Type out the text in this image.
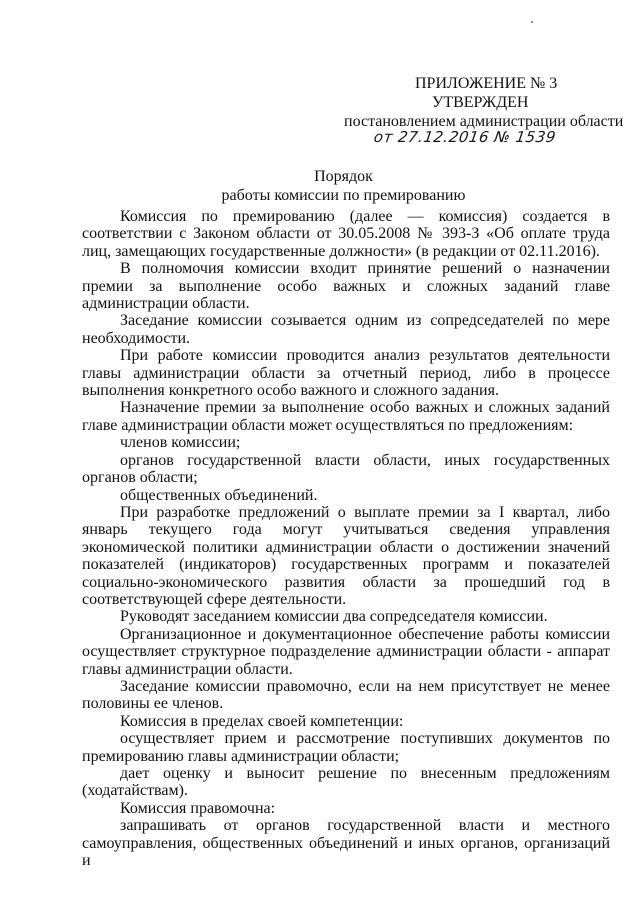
ПРИЛОЖЕНИЕ № 3
УТВЕРЖДЕН
постановлением администрации области
от 27.12.2016 № 1539
Порядок
работы комиссии по премированию

Комиссия по премированию (далее — комиссия) создается в соответствии с Законом области от 30.05.2008 № 393-З «Об оплате труда лиц, замещающих государственные должности» (в редакции от 02.11.2016).

В полномочия комиссии входит принятие решений о назначении премии за выполнение особо важных и сложных заданий главе администрации области.

Заседание комиссии созывается одним из сопредседателей по мере необходимости.

При работе комиссии проводится анализ результатов деятельности главы администрации области за отчетный период, либо в процессе выполнения конкретного особо важного и сложного задания.

Назначение премии за выполнение особо важных и сложных заданий главе администрации области может осуществляться по предложениям:

членов комиссии;

органов государственной власти области, иных государственных органов области;

общественных объединений.

При разработке предложений о выплате премии за I квартал, либо январь текущего года могут учитываться сведения управления экономической политики администрации области о достижении значений показателей (индикаторов) государственных программ и показателей социально-экономического развития области за прошедший год в соответствующей сфере деятельности.

Руководят заседанием комиссии два сопредседателя комиссии.

Организационное и документационное обеспечение работы комиссии осуществляет структурное подразделение администрации области - аппарат главы администрации области.

Заседание комиссии правомочно, если на нем присутствует не менее половины ее членов.

Комиссия в пределах своей компетенции:

осуществляет прием и рассмотрение поступивших документов по премированию главы администрации области;

дает оценку и выносит решение по внесенным предложениям (ходатайствам).

Комиссия правомочна:

запрашивать от органов государственной власти и местного самоуправления, общественных объединений и иных органов, организаций и
